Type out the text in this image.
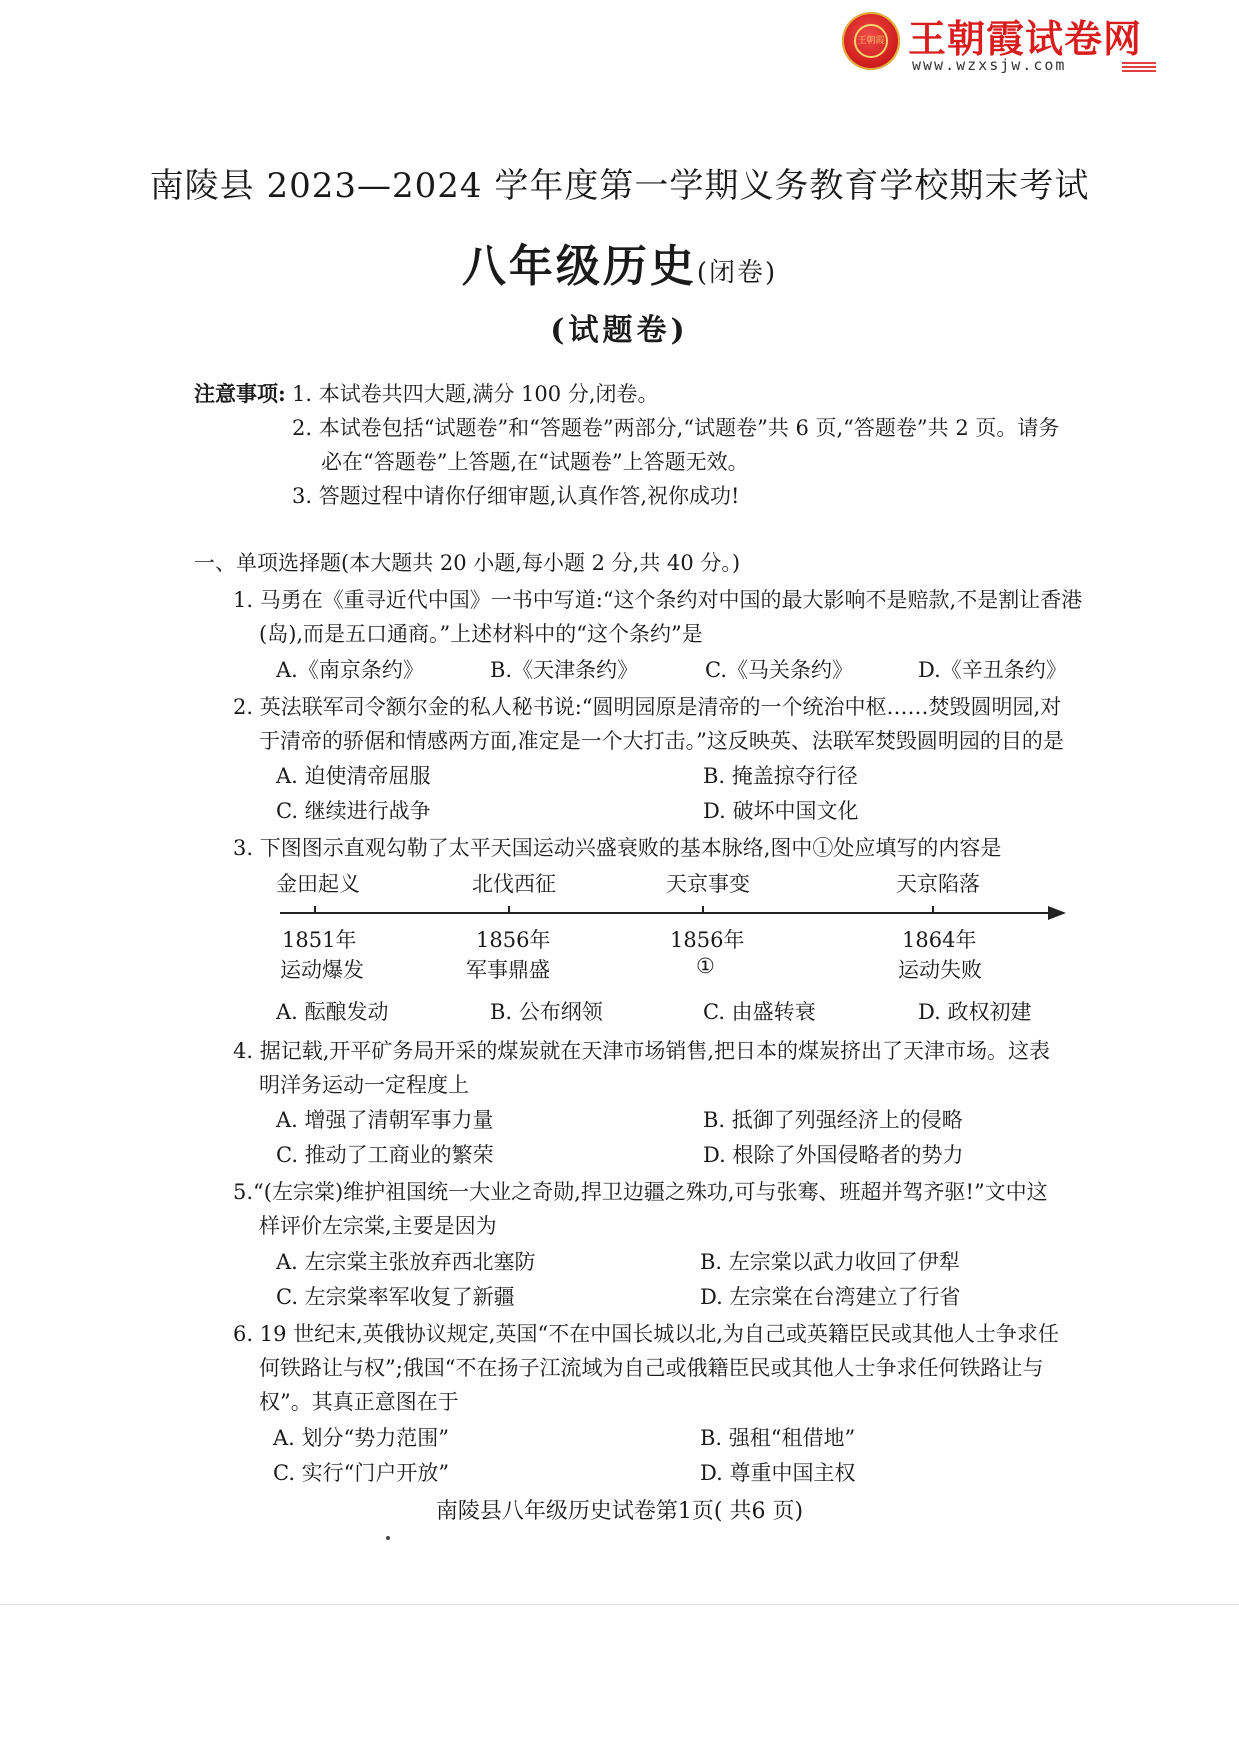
王朝霞 王朝霞试卷网
www.wzxsjw.com
南陵县 2023—2024 学年度第一学期义务教育学校期末考试
八年级历史(闭卷)
(试题卷)
注意事项: 1. 本试卷共四大题,满分 100 分,闭卷。
2. 本试卷包括“试题卷”和“答题卷”两部分,“试题卷”共 6 页,“答题卷”共 2 页。请务
必在“答题卷”上答题,在“试题卷”上答题无效。
3. 答题过程中请你仔细审题,认真作答,祝你成功!
一、单项选择题(本大题共 20 小题,每小题 2 分,共 40 分。)
1. 马勇在《重寻近代中国》一书中写道:“这个条约对中国的最大影响不是赔款,不是割让香港
(岛),而是五口通商。”上述材料中的“这个条约”是
A.《南京条约》	B.《天津条约》	C.《马关条约》	D.《辛丑条约》
2. 英法联军司令额尔金的私人秘书说:“圆明园原是清帝的一个统治中枢……焚毁圆明园,对
于清帝的骄倨和情感两方面,准定是一个大打击。”这反映英、法联军焚毁圆明园的目的是
A. 迫使清帝屈服	B. 掩盖掠夺行径
C. 继续进行战争	D. 破坏中国文化
3. 下图图示直观勾勒了太平天国运动兴盛衰败的基本脉络,图中①处应填写的内容是
金田起义
1851年
运动爆发
北伐西征
1856年
军事鼎盛
天京事变
1856年
①
天京陷落
1864年
运动失败
A. 酝酿发动	B. 公布纲领	C. 由盛转衰	D. 政权初建
4. 据记载,开平矿务局开采的煤炭就在天津市场销售,把日本的煤炭挤出了天津市场。这表
明洋务运动一定程度上
A. 增强了清朝军事力量	B. 抵御了列强经济上的侵略
C. 推动了工商业的繁荣	D. 根除了外国侵略者的势力
5.“(左宗棠)维护祖国统一大业之奇勋,捍卫边疆之殊功,可与张骞、班超并驾齐驱!”文中这
样评价左宗棠,主要是因为
A. 左宗棠主张放弃西北塞防	B. 左宗棠以武力收回了伊犁
C. 左宗棠率军收复了新疆	D. 左宗棠在台湾建立了行省
6. 19 世纪末,英俄协议规定,英国“不在中国长城以北,为自己或英籍臣民或其他人士争求任
何铁路让与权”;俄国“不在扬子江流域为自己或俄籍臣民或其他人士争求任何铁路让与
权”。其真正意图在于
A. 划分“势力范围”	B. 强租“租借地”
C. 实行“门户开放”	D. 尊重中国主权
南陵县八年级历史试卷第1页( 共6 页)
